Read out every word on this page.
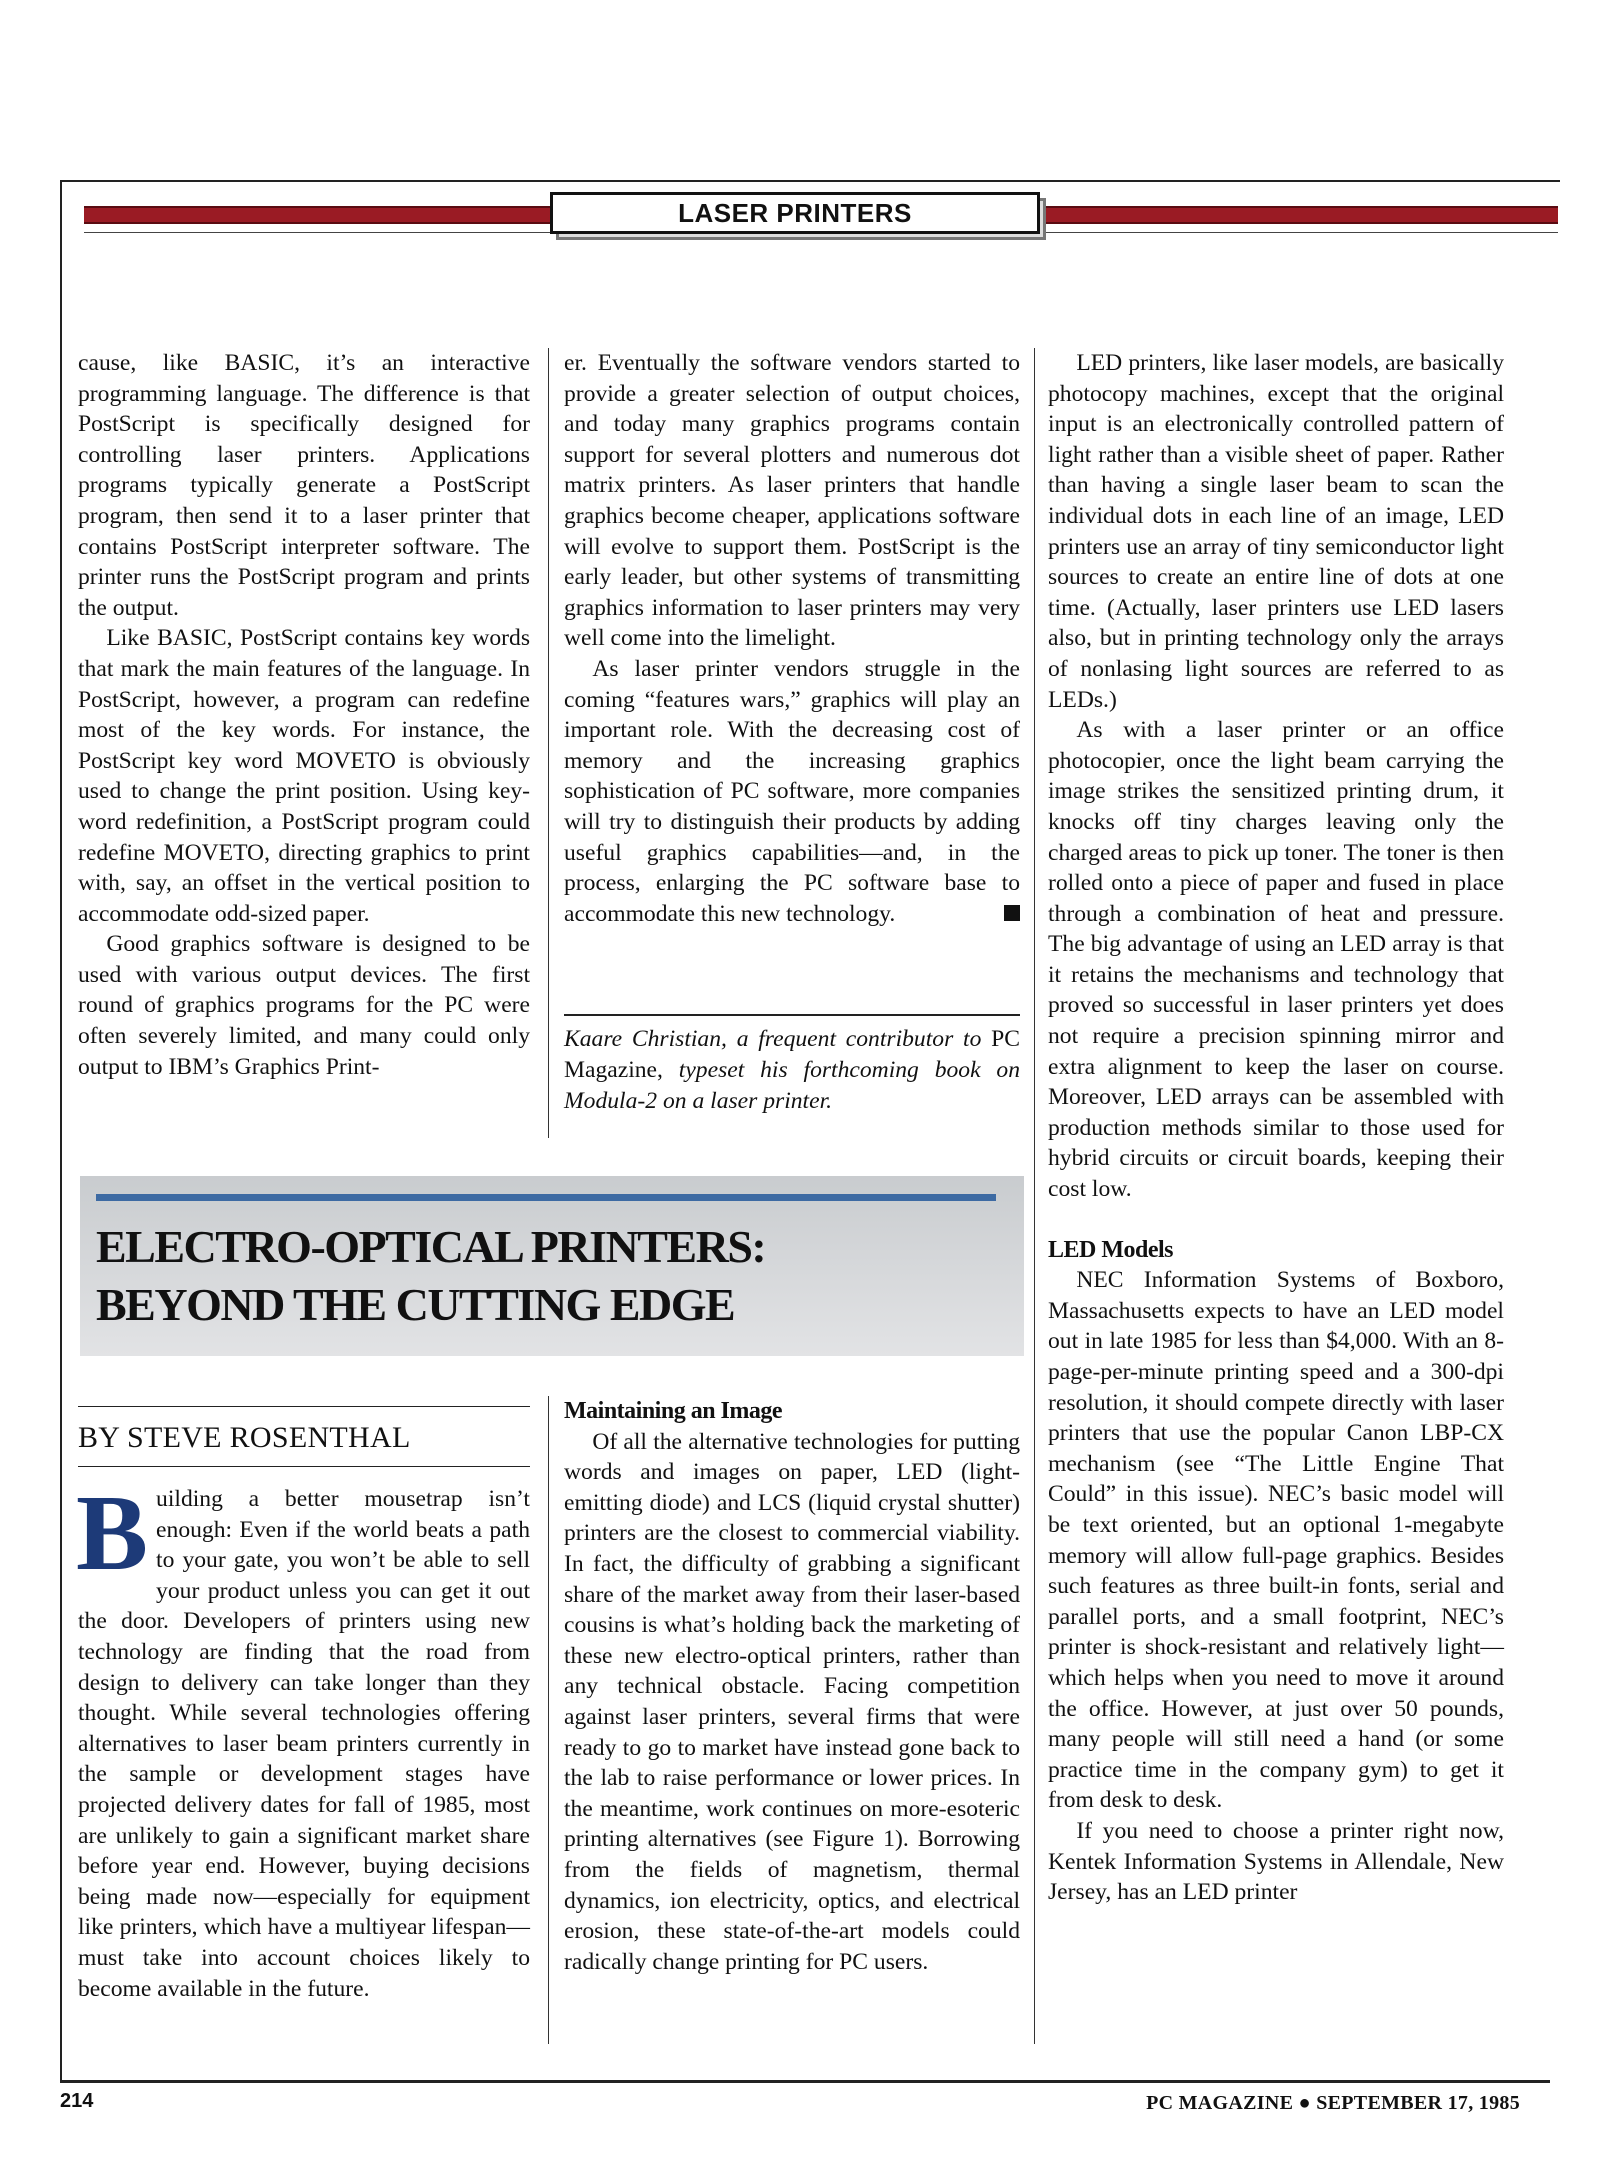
LASER PRINTERS

cause, like BASIC, it’s an interactive programming language. The difference is that PostScript is specifically designed for controlling laser printers. Applications programs typically generate a PostScript program, then send it to a laser printer that contains PostScript interpreter software. The printer runs the PostScript program and prints the output.

Like BASIC, PostScript contains key words that mark the main features of the language. In PostScript, however, a program can redefine most of the key words. For instance, the PostScript key word MOVETO is obviously used to change the print position. Using key-word redefinition, a PostScript program could redefine MOVETO, directing graphics to print with, say, an offset in the vertical position to accommodate odd-sized paper.

Good graphics software is designed to be used with various output devices. The first round of graphics programs for the PC were often severely limited, and many could only output to IBM’s Graphics Print-

er. Eventually the software vendors started to provide a greater selection of output choices, and today many graphics programs contain support for several plotters and numerous dot matrix printers. As laser printers that handle graphics become cheaper, applications software will evolve to support them. PostScript is the early leader, but other systems of transmitting graphics information to laser printers may very well come into the limelight.

As laser printer vendors struggle in the coming “features wars,” graphics will play an important role. With the decreasing cost of memory and the increasing graphics sophistication of PC software, more companies will try to distinguish their products by adding useful graphics capabilities—and, in the process, enlarging the PC software base to accommodate this new technology.

Kaare Christian, a frequent contributor to PC Magazine, typeset his forthcoming book on Modula-2 on a laser printer.
ELECTRO-OPTICAL PRINTERS:
BEYOND THE CUTTING EDGE
BY STEVE ROSENTHAL

Building a better mousetrap isn’t enough: Even if the world beats a path to your gate, you won’t be able to sell your product unless you can get it out the door. Developers of printers using new technology are finding that the road from design to delivery can take longer than they thought. While several technologies offering alternatives to laser beam printers currently in the sample or development stages have projected delivery dates for fall of 1985, most are unlikely to gain a significant market share before year end. However, buying decisions being made now—especially for equipment like printers, which have a multiyear lifespan—must take into account choices likely to become available in the future.

Maintaining an Image

Of all the alternative technologies for putting words and images on paper, LED (light-emitting diode) and LCS (liquid crystal shutter) printers are the closest to commercial viability. In fact, the difficulty of grabbing a significant share of the market away from their laser-based cousins is what’s holding back the marketing of these new electro-optical printers, rather than any technical obstacle. Facing competition against laser printers, several firms that were ready to go to market have instead gone back to the lab to raise performance or lower prices. In the meantime, work continues on more-esoteric printing alternatives (see Figure 1). Borrowing from the fields of magnetism, thermal dynamics, ion electricity, optics, and electrical erosion, these state-of-the-art models could radically change printing for PC users.

LED printers, like laser models, are basically photocopy machines, except that the original input is an electronically controlled pattern of light rather than a visible sheet of paper. Rather than having a single laser beam to scan the individual dots in each line of an image, LED printers use an array of tiny semiconductor light sources to create an entire line of dots at one time. (Actually, laser printers use LED lasers also, but in printing technology only the arrays of nonlasing light sources are referred to as LEDs.)

As with a laser printer or an office photocopier, once the light beam carrying the image strikes the sensitized printing drum, it knocks off tiny charges leaving only the charged areas to pick up toner. The toner is then rolled onto a piece of paper and fused in place through a combination of heat and pressure. The big advantage of using an LED array is that it retains the mechanisms and technology that proved so successful in laser printers yet does not require a precision spinning mirror and extra alignment to keep the laser on course. Moreover, LED arrays can be assembled with production methods similar to those used for hybrid circuits or circuit boards, keeping their cost low.

LED Models

NEC Information Systems of Boxboro, Massachusetts expects to have an LED model out in late 1985 for less than $4,000. With an 8-page-per-minute printing speed and a 300-dpi resolution, it should compete directly with laser printers that use the popular Canon LBP-CX mechanism (see “The Little Engine That Could” in this issue). NEC’s basic model will be text oriented, but an optional 1-megabyte memory will allow full-page graphics. Besides such features as three built-in fonts, serial and parallel ports, and a small footprint, NEC’s printer is shock-resistant and relatively light—which helps when you need to move it around the office. However, at just over 50 pounds, many people will still need a hand (or some practice time in the company gym) to get it from desk to desk.

If you need to choose a printer right now, Kentek Information Systems in Allendale, New Jersey, has an LED printer

214	PC MAGAZINE ● SEPTEMBER 17, 1985
